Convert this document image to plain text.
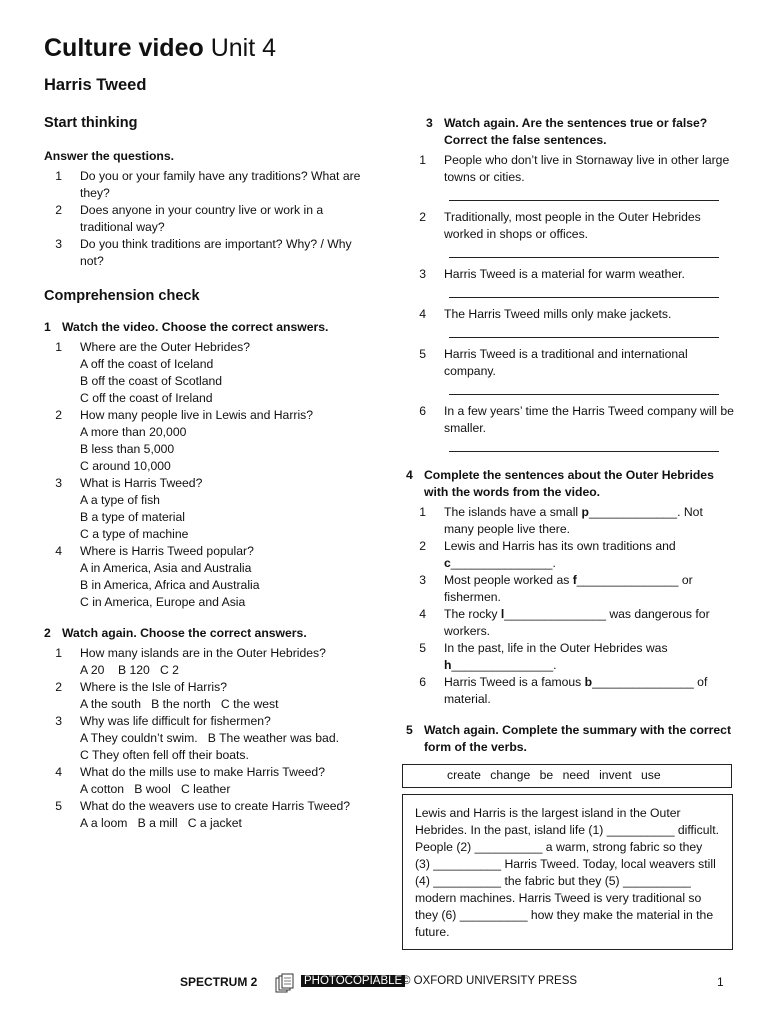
Culture video Unit 4
Harris Tweed
Start thinking

Answer the questions.

1 Do you or your family have any traditions? What are they?
2 Does anyone in your country live or work in a traditional way?
3 Do you think traditions are important? Why? / Why not?
Comprehension check
1 Watch the video. Choose the correct answers.
1 Where are the Outer Hebrides?
A off the coast of Iceland
B off the coast of Scotland
C off the coast of Ireland
2 How many people live in Lewis and Harris?
A more than 20,000
B less than 5,000
C around 10,000
3 What is Harris Tweed?
A a type of fish
B a type of material
C a type of machine
4 Where is Harris Tweed popular?
A in America, Asia and Australia
B in America, Africa and Australia
C in America, Europe and Asia
2 Watch again. Choose the correct answers.
1 How many islands are in the Outer Hebrides?
A 20    B 120   C 2
2 Where is the Isle of Harris?
A the south   B the north   C the west
3 Why was life difficult for fishermen?
A They couldn’t swim.   B The weather was bad.
C They often fell off their boats.
4 What do the mills use to make Harris Tweed?
A cotton   B wool   C leather
5 What do the weavers use to create Harris Tweed?
A a loom   B a mill   C a jacket
3 Watch again. Are the sentences true or false? Correct the false sentences.
1 People who don’t live in Stornaway live in other large towns or cities.
2 Traditionally, most people in the Outer Hebrides worked in shops or offices.
3 Harris Tweed is a material for warm weather.
4 The Harris Tweed mills only make jackets.
5 Harris Tweed is a traditional and international company.
6 In a few years’ time the Harris Tweed company will be smaller.
4 Complete the sentences about the Outer Hebrides with the words from the video.
1 The islands have a small p_____________. Not many people live there.
2 Lewis and Harris has its own traditions and c_______________.
3 Most people worked as f_______________ or fishermen.
4 The rocky l_______________ was dangerous for workers.
5 In the past, life in the Outer Hebrides was h_______________.
6 Harris Tweed is a famous b_______________ of material.
5 Watch again. Complete the summary with the correct form of the verbs.
create change be need invent use
Lewis and Harris is the largest island in the Outer Hebrides. In the past, island life (1) __________ difficult. People (2) __________ a warm, strong fabric so they (3) __________ Harris Tweed. Today, local weavers still (4) __________ the fabric but they (5) __________ modern machines. Harris Tweed is very traditional so they (6) __________ how they make the material in the future.
SPECTRUM 2	PHOTOCOPIABLE © OXFORD UNIVERSITY PRESS	1
